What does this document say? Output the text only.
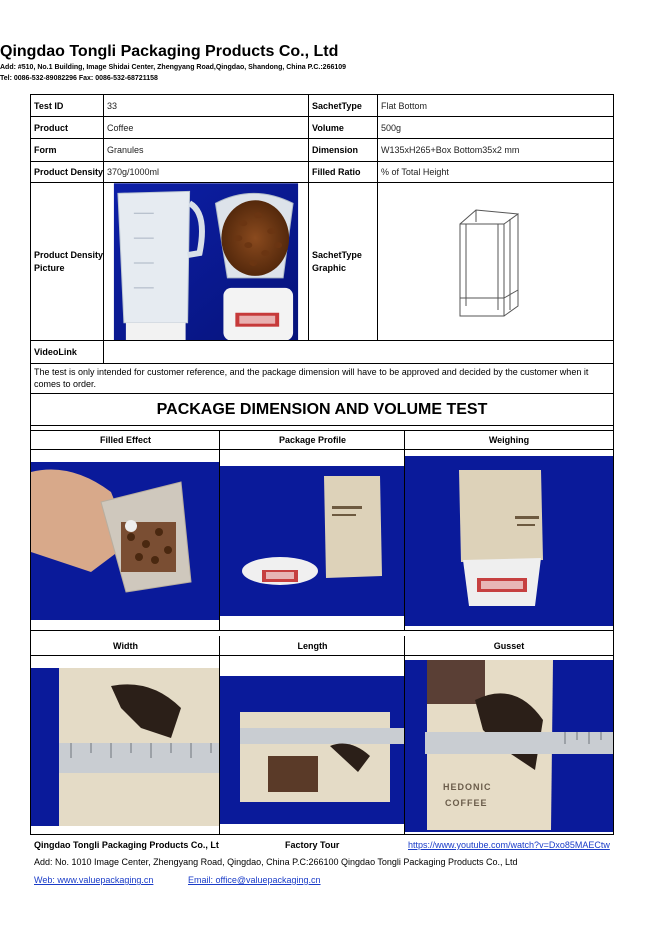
Qingdao Tongli Packaging Products Co., Ltd
Add: #510, No.1 Building, Image Shidai Center, Zhengyang Road,Qingdao, Shandong, China P.C.:266109
Tel: 0086-532-89082296 Fax: 0086-532-68721158
Test ID	33	SachetType	Flat Bottom
Product	Coffee	Volume	500g
Form	Granules	Dimension	W135xH265+Box Bottom35x2 mm
Product Density 370g/1000ml	Filled Ratio	% of Total Height
Product Density
Picture
SachetType
Graphic
VideoLink
The test is only intended for customer reference, and the package dimension will have to be approved and decided by the customer when it comes to order.
PACKAGE DIMENSION AND VOLUME TEST
Filled Effect	Package Profile	Weighing
Width	Length	Gusset
HEDONIC
COFFEE
Qingdao Tongli Packaging Products Co., Lt	Factory Tour	https://www.youtube.com/watch?v=Dxo85MAECtw
Add: No. 1010 Image Center, Zhengyang Road, Qingdao, China P.C:266100 Qingdao Tongli Packaging Products Co., Ltd
Web: www.valuepackaging.cn	Email: office@valuepackaging.cn
